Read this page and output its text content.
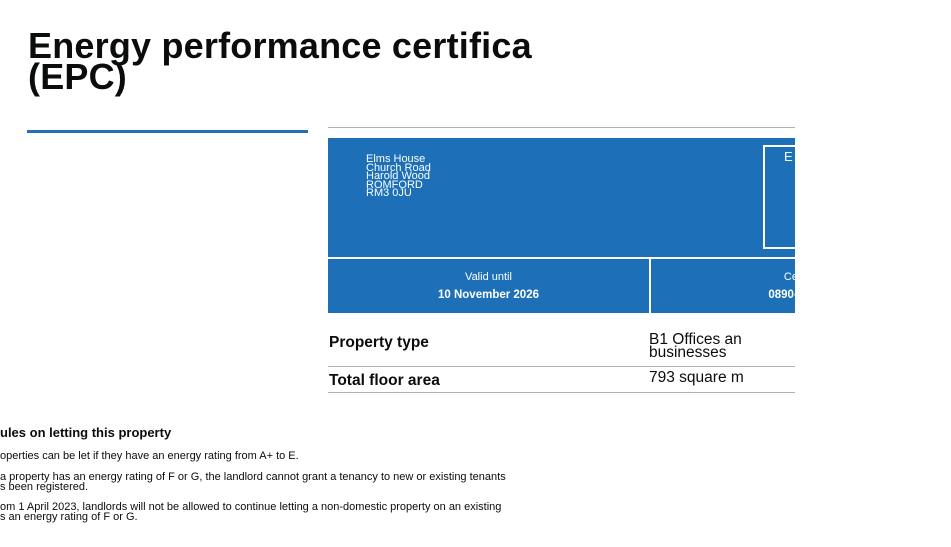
Energy performance certifica
(EPC)
Elms House
Church Road
Harold Wood
ROMFORD
RM3 0JU
E
Valid until
10 November 2026
Certific
0890-0636-0
Property type	B1 Offices an
businesses
Total floor area	793 square m
ules on letting this property

operties can be let if they have an energy rating from A+ to E.

a property has an energy rating of F or G, the landlord cannot grant a tenancy to new or existing tenants
s been registered.

om 1 April 2023, landlords will not be allowed to continue letting a non-domestic property on an existing
s an energy rating of F or G.
